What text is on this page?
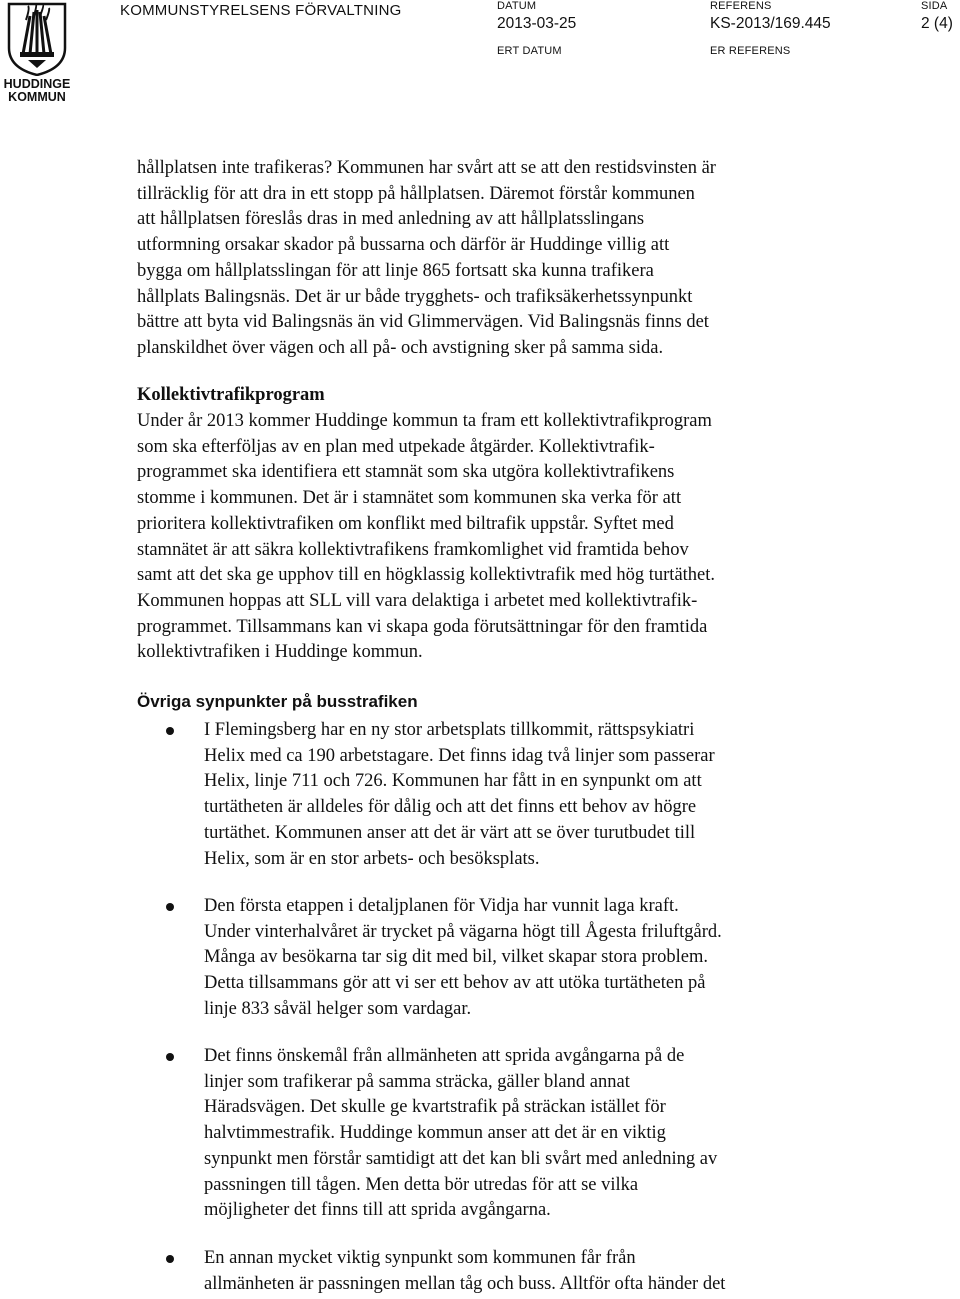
HUDDINGE KOMMUN
KOMMUNSTYRELSENS FÖRVALTNING	DATUM
2013-03-25
ERT DATUM
REFERENS
KS-2013/169.445
ER REFERENS
SIDA
2 (4)
hållplatsen inte trafikeras? Kommunen har svårt att se att den restidsvinsten är
tillräcklig för att dra in ett stopp på hållplatsen. Däremot förstår kommunen
att hållplatsen föreslås dras in med anledning av att hållplatsslingans
utformning orsakar skador på bussarna och därför är Huddinge villig att
bygga om hållplatsslingan för att linje 865 fortsatt ska kunna trafikera
hållplats Balingsnäs. Det är ur både trygghets- och trafiksäkerhetssynpunkt
bättre att byta vid Balingsnäs än vid Glimmervägen. Vid Balingsnäs finns det
planskildhet över vägen och all på- och avstigning sker på samma sida.
Kollektivtrafikprogram
Under år 2013 kommer Huddinge kommun ta fram ett kollektivtrafikprogram
som ska efterföljas av en plan med utpekade åtgärder. Kollektivtrafik-
programmet ska identifiera ett stamnät som ska utgöra kollektivtrafikens
stomme i kommunen. Det är i stamnätet som kommunen ska verka för att
prioritera kollektivtrafiken om konflikt med biltrafik uppstår. Syftet med
stamnätet är att säkra kollektivtrafikens framkomlighet vid framtida behov
samt att det ska ge upphov till en högklassig kollektivtrafik med hög turtäthet.
Kommunen hoppas att SLL vill vara delaktiga i arbetet med kollektivtrafik-
programmet. Tillsammans kan vi skapa goda förutsättningar för den framtida
kollektivtrafiken i Huddinge kommun.
Övriga synpunkter på busstrafiken
I Flemingsberg har en ny stor arbetsplats tillkommit, rättspsykiatri
Helix med ca 190 arbetstagare. Det finns idag två linjer som passerar
Helix, linje 711 och 726. Kommunen har fått in en synpunkt om att
turtätheten är alldeles för dålig och att det finns ett behov av högre
turtäthet. Kommunen anser att det är värt att se över turutbudet till
Helix, som är en stor arbets- och besöksplats.
Den första etappen i detaljplanen för Vidja har vunnit laga kraft.
Under vinterhalvåret är trycket på vägarna högt till Ågesta friluftgård.
Många av besökarna tar sig dit med bil, vilket skapar stora problem.
Detta tillsammans gör att vi ser ett behov av att utöka turtätheten på
linje 833 såväl helger som vardagar.
Det finns önskemål från allmänheten att sprida avgångarna på de
linjer som trafikerar på samma sträcka, gäller bland annat
Häradsvägen. Det skulle ge kvartstrafik på sträckan istället för
halvtimmestrafik. Huddinge kommun anser att det är en viktig
synpunkt men förstår samtidigt att det kan bli svårt med anledning av
passningen till tågen. Men detta bör utredas för att se vilka
möjligheter det finns till att sprida avgångarna.
En annan mycket viktig synpunkt som kommunen får från
allmänheten är passningen mellan tåg och buss. Alltför ofta händer det
